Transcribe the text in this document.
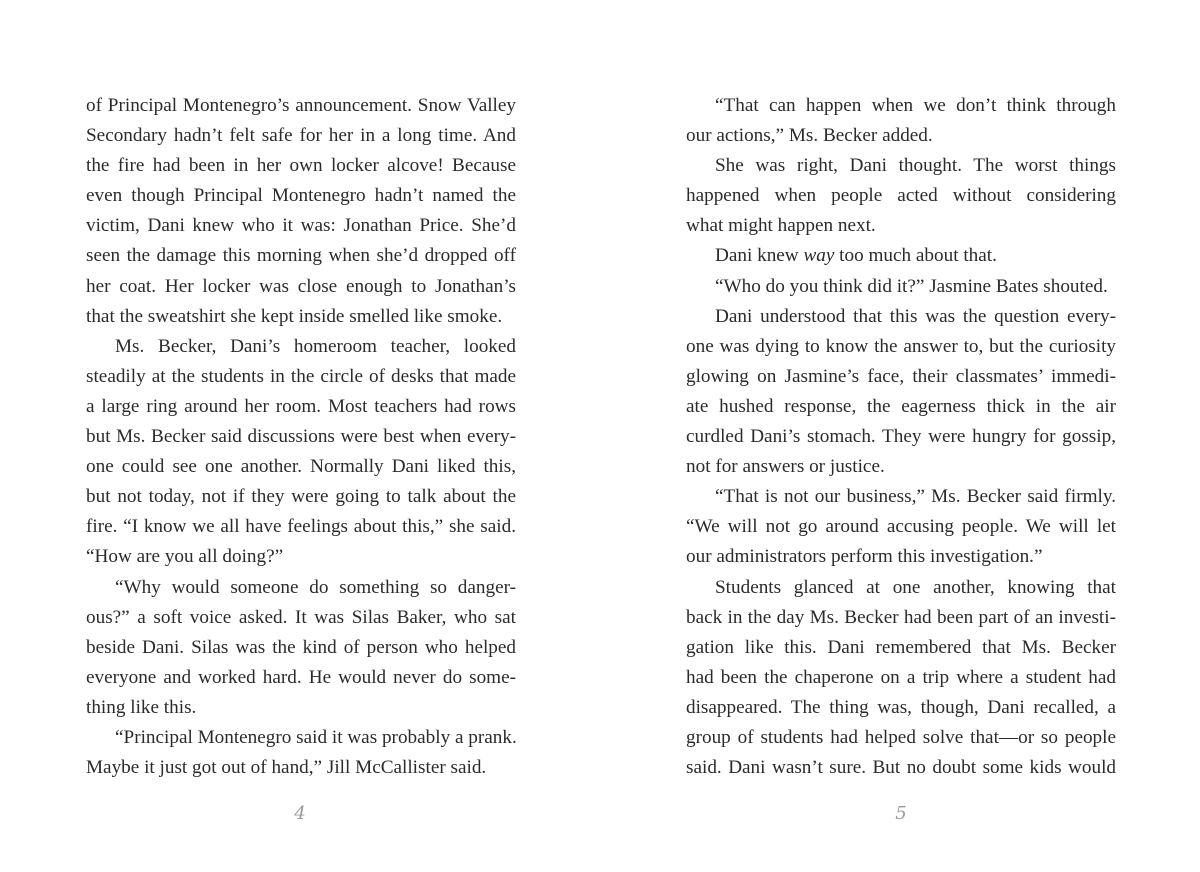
of Principal Montenegro’s announcement. Snow Valley
Secondary hadn’t felt safe for her in a long time. And
the fire had been in her own locker alcove! Because
even though Principal Montenegro hadn’t named the
victim, Dani knew who it was: Jonathan Price. She’d
seen the damage this morning when she’d dropped off
her coat. Her locker was close enough to Jonathan’s
that the sweatshirt she kept inside smelled like smoke.
Ms. Becker, Dani’s homeroom teacher, looked
steadily at the students in the circle of desks that made
a large ring around her room. Most teachers had rows
but Ms. Becker said discussions were best when every-
one could see one another. Normally Dani liked this,
but not today, not if they were going to talk about the
fire. “I know we all have feelings about this,” she said.
“How are you all doing?”
“Why would someone do something so danger-
ous?” a soft voice asked. It was Silas Baker, who sat
beside Dani. Silas was the kind of person who helped
everyone and worked hard. He would never do some-
thing like this.
“Principal Montenegro said it was probably a prank.
Maybe it just got out of hand,” Jill McCallister said.
“That can happen when we don’t think through
our actions,” Ms. Becker added.
She was right, Dani thought. The worst things
happened when people acted without considering
what might happen next.
Dani knew way too much about that.
“Who do you think did it?” Jasmine Bates shouted.
Dani understood that this was the question every-
one was dying to know the answer to, but the curiosity
glowing on Jasmine’s face, their classmates’ immedi-
ate hushed response, the eagerness thick in the air
curdled Dani’s stomach. They were hungry for gossip,
not for answers or justice.
“That is not our business,” Ms. Becker said firmly.
“We will not go around accusing people. We will let
our administrators perform this investigation.”
Students glanced at one another, knowing that
back in the day Ms. Becker had been part of an investi-
gation like this. Dani remembered that Ms. Becker
had been the chaperone on a trip where a student had
disappeared. The thing was, though, Dani recalled, a
group of students had helped solve that—or so people
said. Dani wasn’t sure. But no doubt some kids would
4	5
